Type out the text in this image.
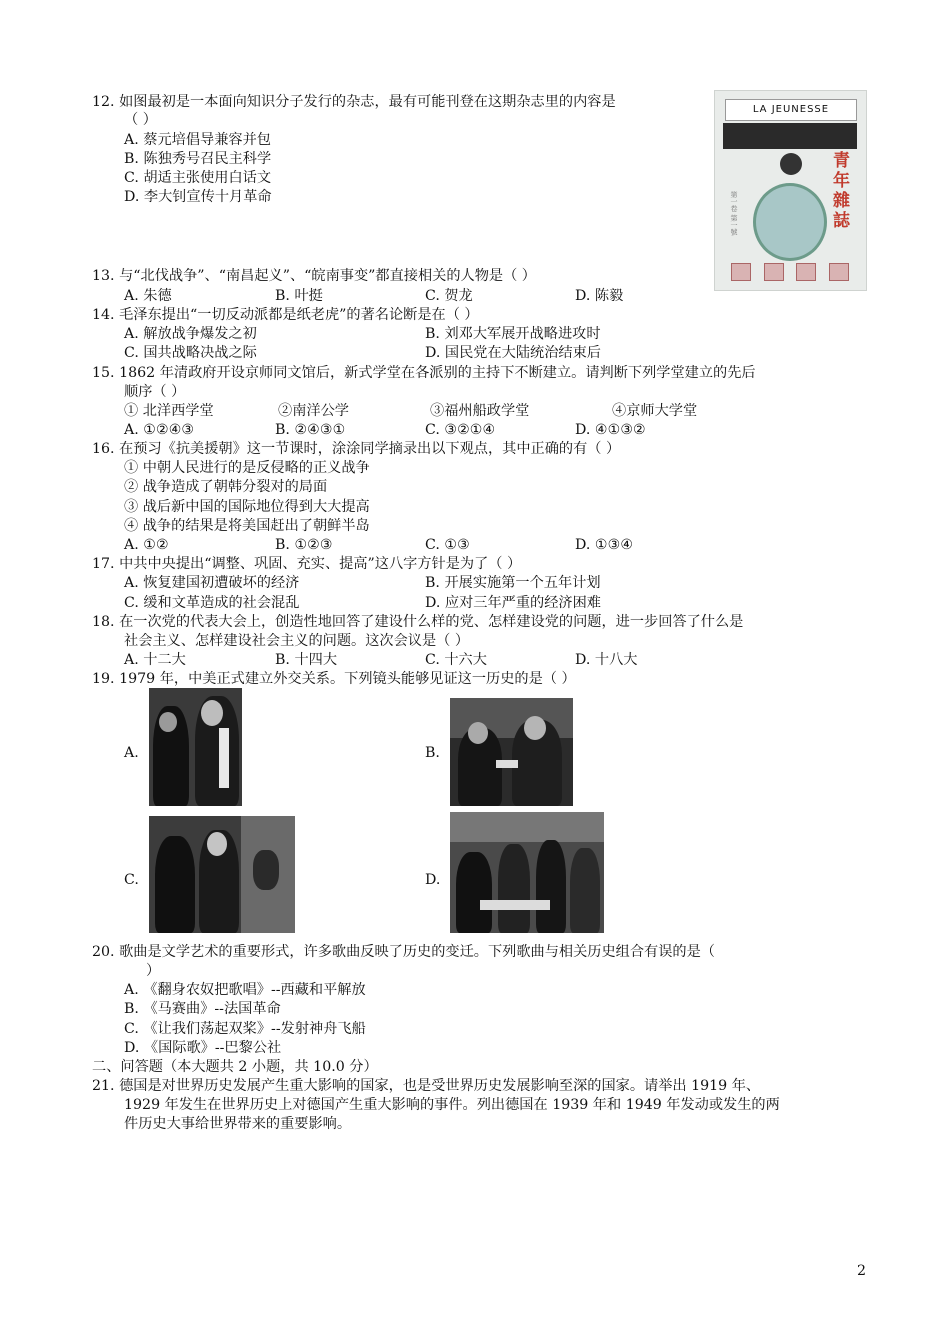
12. 如图最初是一本面向知识分子发行的杂志，最有可能刊登在这期杂志里的内容是
（ ）
A. 蔡元培倡导兼容并包
B. 陈独秀号召民主科学
C. 胡适主张使用白话文
D. 李大钊宣传十月革命
LA JEUNESSE
第一卷 第一號
青年雜誌
13. 与“北伐战争”、“南昌起义”、“皖南事变”都直接相关的人物是（ ）
A. 朱德	B. 叶挺	C. 贺龙	D. 陈毅
14. 毛泽东提出“一切反动派都是纸老虎”的著名论断是在（ ）
A. 解放战争爆发之初	B. 刘邓大军展开战略进攻时
C. 国共战略决战之际	D. 国民党在大陆统治结束后
15. 1862 年清政府开设京师同文馆后，新式学堂在各派别的主持下不断建立。请判断下列学堂建立的先后
顺序（ ）
① 北洋西学堂	②南洋公学	③福州船政学堂	④京师大学堂
A. ①②④③	B. ②④③①	C. ③②①④	D. ④①③②
16. 在预习《抗美援朝》这一节课时，涂涂同学摘录出以下观点，其中正确的有（ ）
① 中朝人民进行的是反侵略的正义战争
② 战争造成了朝韩分裂对的局面
③ 战后新中国的国际地位得到大大提高
④ 战争的结果是将美国赶出了朝鲜半岛
A. ①②	B. ①②③	C. ①③	D. ①③④
17. 中共中央提出“调整、巩固、充实、提高”这八字方针是为了（ ）
A. 恢复建国初遭破坏的经济	B. 开展实施第一个五年计划
C. 缓和文革造成的社会混乱	D. 应对三年严重的经济困难
18. 在一次党的代表大会上，创造性地回答了建设什么样的党、怎样建设党的问题，进一步回答了什么是
社会主义、怎样建设社会主义的问题。这次会议是（ ）
A. 十二大	B. 十四大	C. 十六大	D. 十八大
19. 1979 年，中美正式建立外交关系。下列镜头能够见证这一历史的是（ ）
A.	B.
C.	D.
20. 歌曲是文学艺术的重要形式，许多歌曲反映了历史的变迁。下列歌曲与相关历史组合有误的是（
）
A. 《翻身农奴把歌唱》--西藏和平解放
B. 《马赛曲》--法国革命
C. 《让我们荡起双桨》--发射神舟飞船
D. 《国际歌》--巴黎公社
二、问答题（本大题共 2 小题，共 10.0 分）
21. 德国是对世界历史发展产生重大影响的国家，也是受世界历史发展影响至深的国家。请举出 1919 年、
1929 年发生在世界历史上对德国产生重大影响的事件。列出德国在 1939 年和 1949 年发动或发生的两
件历史大事给世界带来的重要影响。
2
